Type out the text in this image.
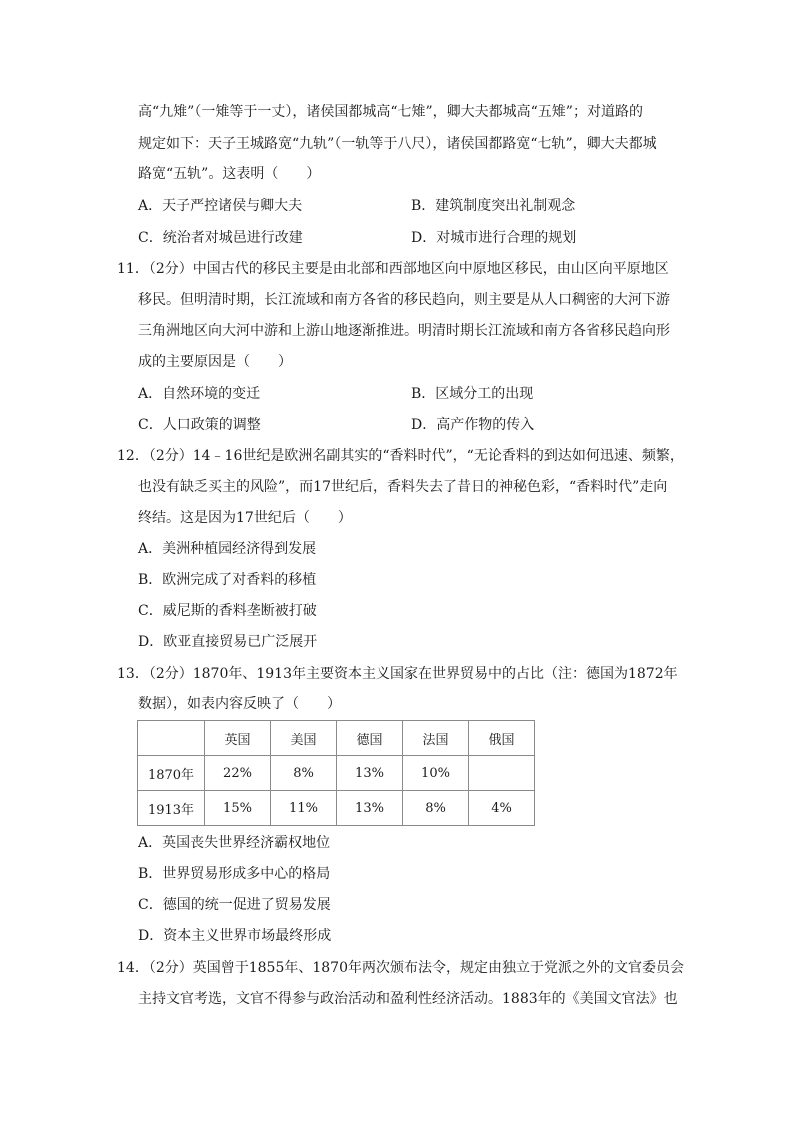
高“九雉”（一雉等于一丈），诸侯国都城高“七雉”，卿大夫都城高“五雉”；对道路的
规定如下：天子王城路宽“九轨”（一轨等于八尺），诸侯国都路宽“七轨”，卿大夫都城
路宽“五轨”。这表明（　　）
A．天子严控诸侯与卿大夫	B．建筑制度突出礼制观念
C．统治者对城邑进行改建	D．对城市进行合理的规划
11．（2分）中国古代的移民主要是由北部和西部地区向中原地区移民，由山区向平原地区
移民。但明清时期，长江流域和南方各省的移民趋向，则主要是从人口稠密的大河下游
三角洲地区向大河中游和上游山地逐渐推进。明清时期长江流域和南方各省移民趋向形
成的主要原因是（　　）
A．自然环境的变迁	B．区域分工的出现
C．人口政策的调整	D．高产作物的传入
12．（2分）14﹣16世纪是欧洲名副其实的“香料时代”，“无论香料的到达如何迅速、频繁，
也没有缺乏买主的风险”，而17世纪后，香料失去了昔日的神秘色彩，“香料时代”走向
终结。这是因为17世纪后（　　）
A．美洲种植园经济得到发展
B．欧洲完成了对香料的移植
C．威尼斯的香料垄断被打破
D．欧亚直接贸易已广泛展开
13．（2分）1870年、1913年主要资本主义国家在世界贸易中的占比（注：德国为1872年
数据），如表内容反映了（　　）
	英国	美国	德国	法国	俄国
1870年	22%	8%	13%	10%	
1913年	15%	11%	13%	8%	4%
A．英国丧失世界经济霸权地位
B．世界贸易形成多中心的格局
C．德国的统一促进了贸易发展
D．资本主义世界市场最终形成
14．（2分）英国曾于1855年、1870年两次颁布法令，规定由独立于党派之外的文官委员会
主持文官考选，文官不得参与政治活动和盈利性经济活动。1883年的《美国文官法》也
